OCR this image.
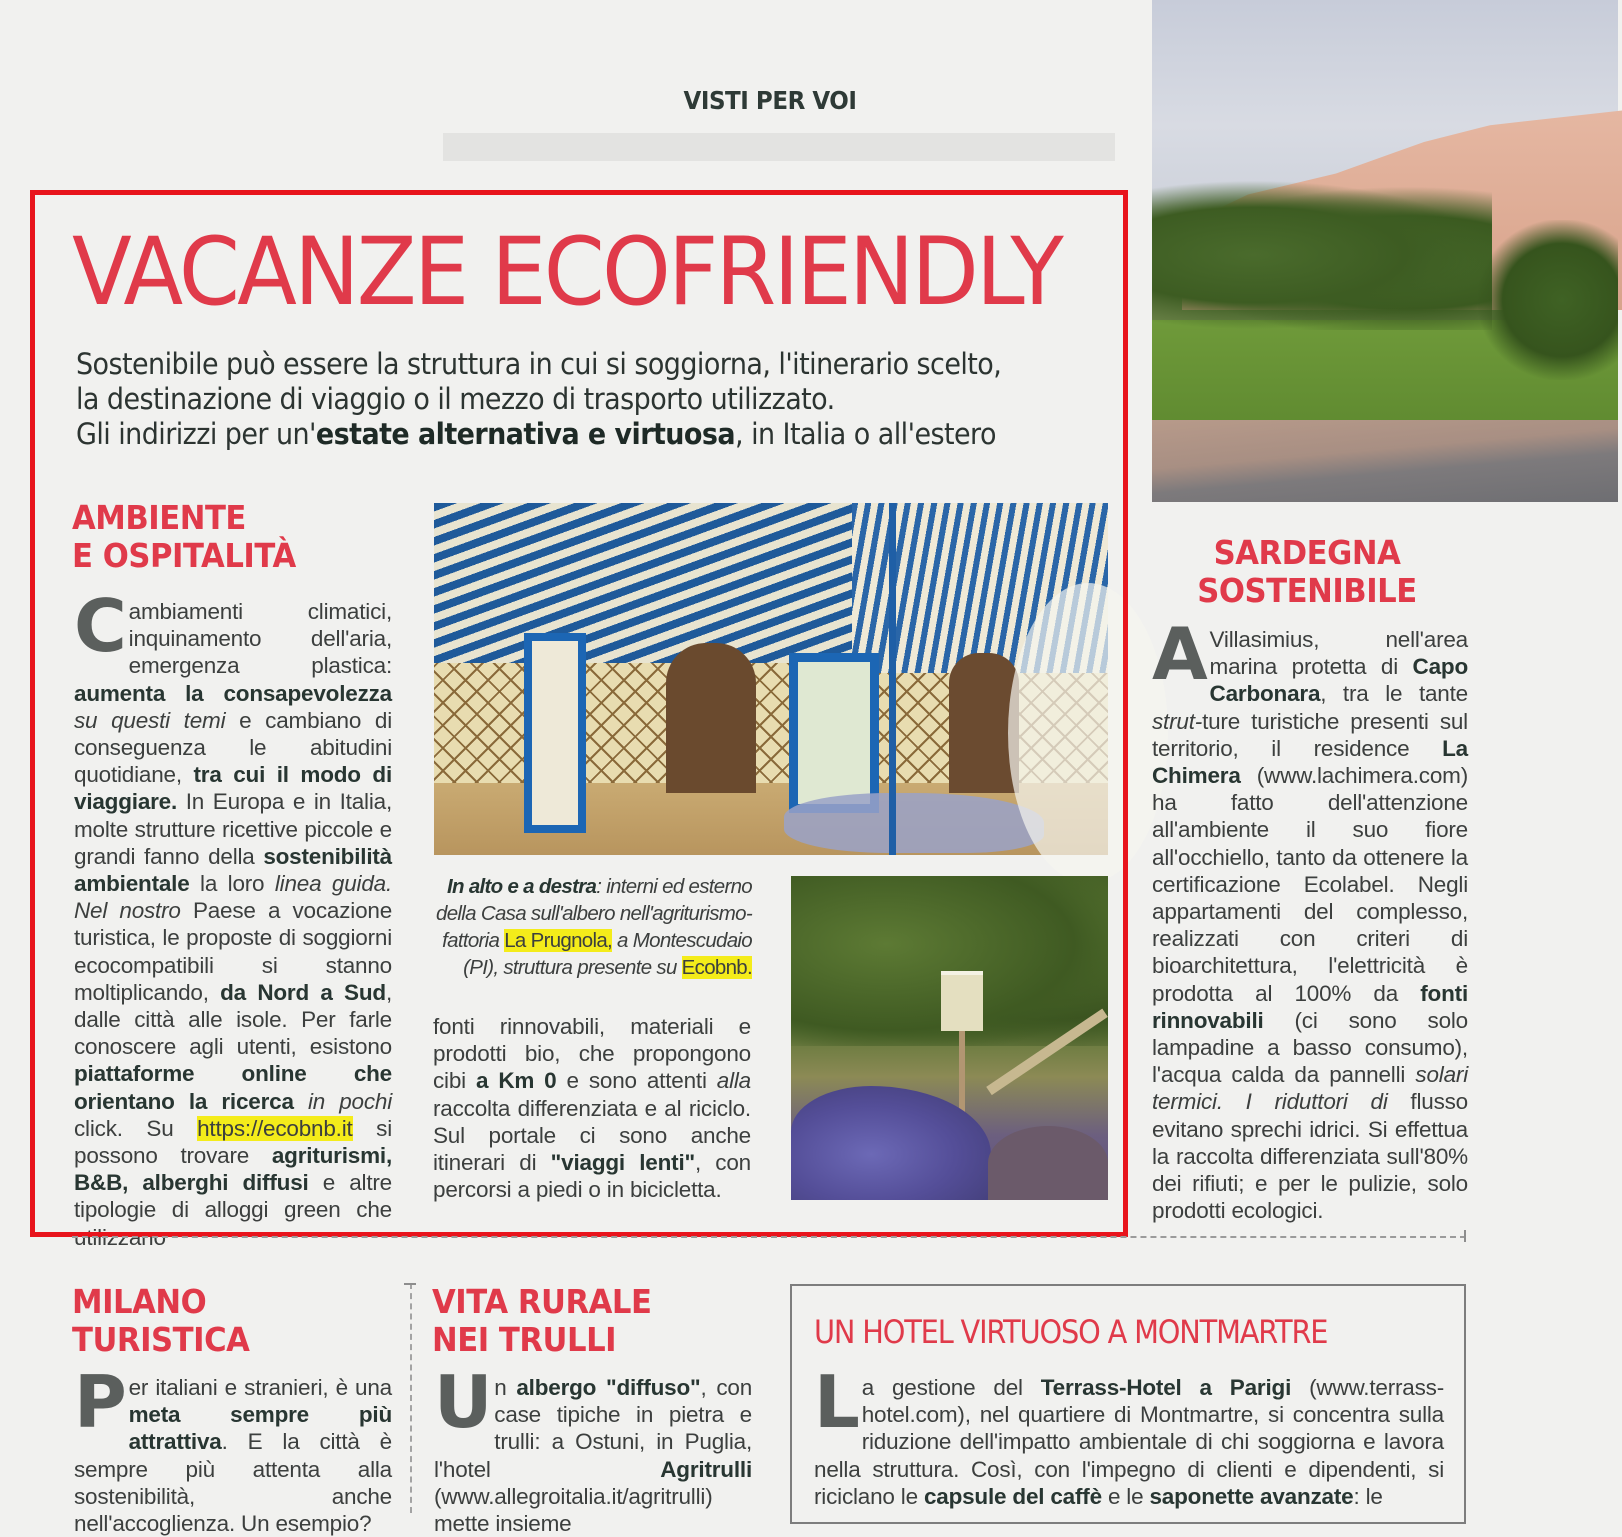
VISTI PER VOI
VACANZE ECOFRIENDLY
Sostenibile può essere la struttura in cui si soggiorna, l'itinerario scelto,
la destinazione di viaggio o il mezzo di trasporto utilizzato.
Gli indirizzi per un'estate alternativa e virtuosa, in Italia o all'estero
AMBIENTE
E OSPITALITÀ
Cambiamenti climatici, inquinamento dell'aria, emergenza plastica: aumenta la consapevolezza su questi temi e cambiano di conseguenza le abitudini quotidiane, tra cui il modo di viaggiare. In Europa e in Italia, molte strutture ricettive piccole e grandi fanno della sostenibilità ambientale la loro linea guida. Nel nostro Paese a vocazione turistica, le proposte di soggiorni ecocompatibili si stanno moltiplicando, da Nord a Sud, dalle città alle isole. Per farle conoscere agli utenti, esistono piattaforme online che orientano la ricerca in pochi click. Su https://ecobnb.it si possono trovare agriturismi, B&B, alberghi diffusi e altre tipologie di alloggi green che utilizzano
In alto e a destra: interni ed esterno della Casa sull'albero nell'agriturismo-fattoria La Prugnola, a Montescudaio (PI), struttura presente su Ecobnb.
fonti rinnovabili, materiali e prodotti bio, che propongono cibi a Km 0 e sono attenti alla raccolta differenziata e al riciclo. Sul portale ci sono anche itinerari di "viaggi lenti", con percorsi a piedi o in bicicletta.
SARDEGNA
SOSTENIBILE
A Villasimius, nell'area marina protetta di Capo Carbonara, tra le tante strut-ture turistiche presenti sul territorio, il residence La Chimera (www.lachimera.com) ha fatto dell'attenzione all'ambiente il suo fiore all'occhiello, tanto da ottenere la certificazione Ecolabel. Negli appartamenti del complesso, realizzati con criteri di bioarchitettura, l'elettricità è prodotta al 100% da fonti rinnovabili (ci sono solo lampadine a basso consumo), l'acqua calda da pannelli solari termici. I riduttori di flusso evitano sprechi idrici. Si effettua la raccolta differenziata sull'80% dei rifiuti; e per le pulizie, solo prodotti ecologici.
MILANO
TURISTICA
Per italiani e stranieri, è una meta sempre più attrattiva. E la città è sempre più attenta alla sostenibilità, anche nell'accoglienza. Un esempio?
VITA RURALE
NEI TRULLI
Un albergo "diffuso", con case tipiche in pietra e trulli: a Ostuni, in Puglia, l'hotel Agritrulli (www.allegroitalia.it/agritrulli) mette insieme
UN HOTEL VIRTUOSO A MONTMARTRE
La gestione del Terrass-Hotel a Parigi (www.terrass-hotel.com), nel quartiere di Montmartre, si concentra sulla riduzione dell'impatto ambientale di chi soggiorna e lavora nella struttura. Così, con l'impegno di clienti e dipendenti, si riciclano le capsule del caffè e le saponette avanzate: le
